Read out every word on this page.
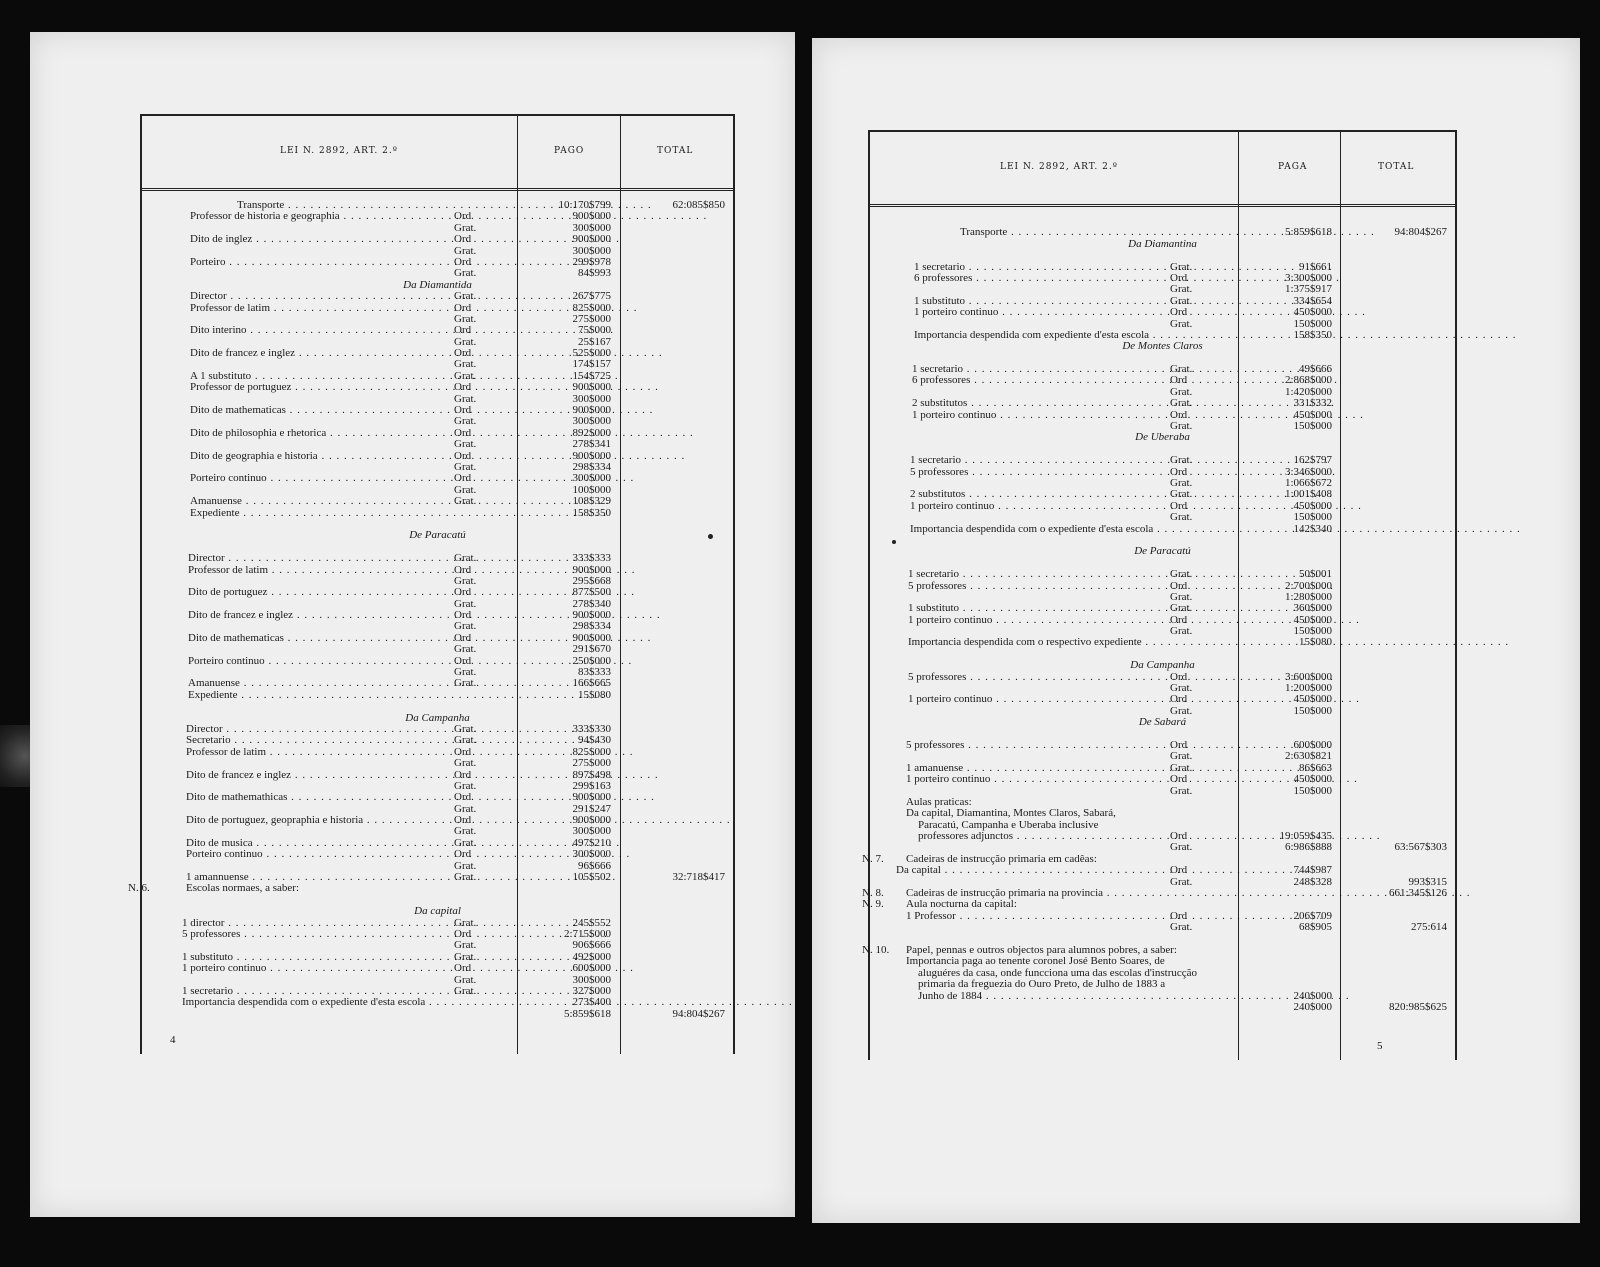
LEI N. 2892, ART. 2.º	PAGO	TOTAL
Transporte . . .	10:170$799	62:085$850
Professor de historia e geographia . . .	Ord	900$000
Grat.	300$000
Dito de inglez . . .	Ord	900$000
Grat.	300$000
Porteiro . . .	Ord	299$978
Grat.	84$993
Da Diamantida
Director . . .	Grat.	267$775
Professor de latim . . .	Ord	825$000
Grat.	275$000
Dito interino . . .	Ord	75$000
Grat.	25$167
Dito de francez e inglez . . .	Ord	525$000
Grat.	174$157
A 1 substituto . . .	Grat.	154$725
Professor de portuguez . . .	Ord	900$000
Grat.	300$000
Dito de mathematicas . . .	Ord	900$000
Grat.	300$000
Dito de philosophia e rhetorica . . .	Ord	892$000
Grat.	278$341
Dito de geographia e historia . . .	Ord	900$000
Grat.	298$334
Porteiro continuo . . .	Ord	300$000
Grat.	100$000
Amanuense . . .	Grat.	108$329
Expediente . . .	158$350
De Paracatú
Director . . .	Grat.	333$333
Professor de latim . . .	Ord	900$000
Grat.	295$668
Dito de portuguez . . .	Ord	877$500
Grat.	278$340
Dito de francez e inglez . . .	Ord	900$000
Grat.	298$334
Dito de mathematicas . . .	Ord	900$000
Grat.	291$670
Porteiro continuo . . .	Ord	250$000
Grat.	83$333
Amanuense . . .	Grat.	166$665
Expediente . . .	15$080
Da Campanha
Director . . .	Grat.	333$330
Secretario . . .	Grat.	94$430
Professor de latim . . .	Ord	825$000
Grat.	275$000
Dito de francez e inglez . . .	Ord	897$498
Grat.	299$163
Dito de mathemathicas . . .	Ord	900$000
Grat.	291$247
Dito de portuguez, geopraphia e historia . . .	Ord	900$000
Grat.	300$000
Dito de musica . . .	Grat.	497$210
Porteiro continuo . . .	Ord	300$000
Grat.	96$666
1 amannuense . . .	Grat.	105$502	32:718$417
N. 6.	Escolas normaes, a saber:
Da capital
1 director . . .	Grat.	245$552
5 professores . . .	Ord	2:715$000
Grat.	906$666
1 substituto . . .	Grat.	492$000
1 porteiro continuo . . .	Ord	600$000
Grat.	300$000
1 secretario . . .	Grat.	327$000
Importancia despendida com o expediente d'esta escola . . .	273$400
5:859$618	94:804$267
4
LEI N. 2892, ART. 2.º	PAGA	TOTAL
Transporte . . .	5:859$618	94:804$267
Da Diamantina
1 secretario . . .	Grat.	91$661
6 professores . . .	Ord	3:300$000
Grat.	1:375$917
1 substituto . . .	Grat.	334$654
1 porteiro continuo . . .	Ord	450$000
Grat.	150$000
Importancia despendida com expediente d'esta escola . . .	158$350
De Montes Claros
1 secretario . . .	Grat.	49$666
6 professores . . .	Ord	2:868$000
Grat.	1:420$000
2 substitutos . . .	Grat.	331$332
1 porteiro continuo . . .	Ord	450$000
Grat.	150$000
De Uberaba
1 secretario . . .	Grat.	162$797
5 professores . . .	Ord	3:346$000
Grat.	1:066$672
2 substitutos . . .	Grat.	1:001$408
1 porteiro continuo . . .	Ord	450$000
Grat.	150$000
Importancia despendida com o expediente d'esta escola . . .	142$340
De Paracatú
1 secretario . . .	Grat.	50$001
5 professores . . .	Ord	2:700$000
Grat.	1:280$000
1 substituto . . .	Grat.	360$000
1 porteiro continuo . . .	Ord	450$000
Grat.	150$000
Importancia despendida com o respectivo expediente . . .	15$080
Da Campanha
5 professores . . .	Ord	3:600$000
Grat.	1:200$000
1 porteiro continuo . . .	Ord	450$000
Grat.	150$000
De Sabará
5 professores . . .	Ord	600$000
Grat.	2:630$821
1 amanuense . . .	Grat.	86$663
1 porteiro continuo . . .	Ord	450$000
Grat.	150$000
Aulas praticas:
Da capital, Diamantina, Montes Claros, Sabará,
Paracatú, Campanha e Uberaba inclusive
professores adjunctos . . .	Ord	19:059$435
Grat.	6:986$888	63:567$303
N. 7. Cadeiras de instrucção primaria em cadêas:
Da capital . . .	Ord	744$987
Grat.	248$328	993$315
N. 8. Cadeiras de instrucção primaria na provincia . . .	661:345$126
N. 9. Aula nocturna da capital:
1 Professor . . .	Ord	206$709
Grat.	68$905	275:614
N. 10. Papel, pennas e outros objectos para alumnos pobres, a saber:
Importancia paga ao tenente coronel José Bento Soares, de
aluguéres da casa, onde funcciona uma das escolas d'instrucção
primaria da freguezia do Ouro Preto, de Julho de 1883 a
Junho de 1884 . . .	240$000
240$000	820:985$625
5
